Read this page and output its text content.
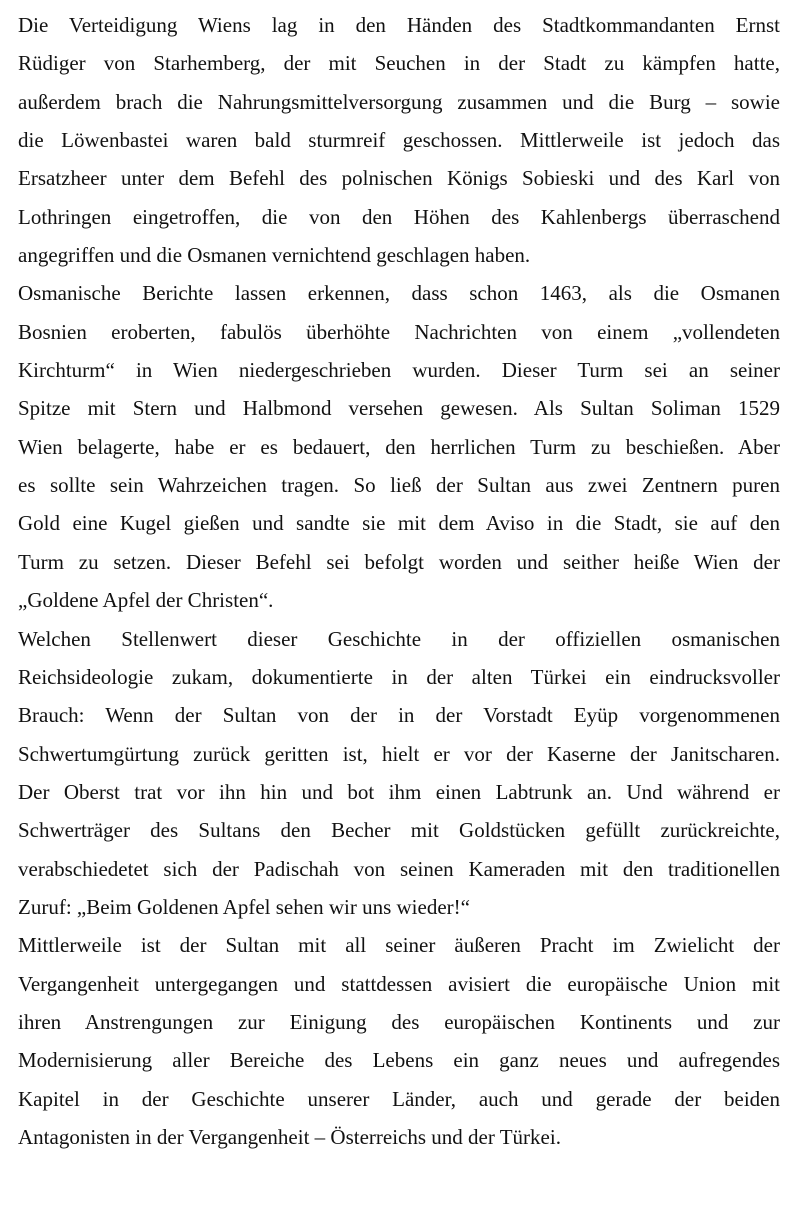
Die Verteidigung Wiens lag in den Händen des Stadtkommandanten Ernst
Rüdiger von Starhemberg, der mit Seuchen in der Stadt zu kämpfen hatte,
außerdem brach die Nahrungsmittelversorgung zusammen und die Burg – sowie
die Löwenbastei waren bald sturmreif geschossen. Mittlerweile ist jedoch das
Ersatzheer unter dem Befehl des polnischen Königs Sobieski und des Karl von
Lothringen eingetroffen, die von den Höhen des Kahlenbergs überraschend
angegriffen und die Osmanen vernichtend geschlagen haben.
Osmanische Berichte lassen erkennen, dass schon 1463, als die Osmanen
Bosnien eroberten, fabulös überhöhte Nachrichten von einem „vollendeten
Kirchturm“ in Wien niedergeschrieben wurden. Dieser Turm sei an seiner
Spitze mit Stern und Halbmond versehen gewesen. Als Sultan Soliman 1529
Wien belagerte, habe er es bedauert, den herrlichen Turm zu beschießen. Aber
es sollte sein Wahrzeichen tragen. So ließ der Sultan aus zwei Zentnern puren
Gold eine Kugel gießen und sandte sie mit dem Aviso in die Stadt, sie auf den
Turm zu setzen. Dieser Befehl sei befolgt worden und seither heiße Wien der
„Goldene Apfel der Christen“.
Welchen Stellenwert dieser Geschichte in der offiziellen osmanischen
Reichsideologie zukam, dokumentierte in der alten Türkei ein eindrucksvoller
Brauch: Wenn der Sultan von der in der Vorstadt Eyüp vorgenommenen
Schwertumgürtung zurück geritten ist, hielt er vor der Kaserne der Janitscharen.
Der Oberst trat vor ihn hin und bot ihm einen Labtrunk an. Und während er
Schwerträger des Sultans den Becher mit Goldstücken gefüllt zurückreichte,
verabschiedetet sich der Padischah von seinen Kameraden mit den traditionellen
Zuruf: „Beim Goldenen Apfel sehen wir uns wieder!“
Mittlerweile ist der Sultan mit all seiner äußeren Pracht im Zwielicht der
Vergangenheit untergegangen und stattdessen avisiert die europäische Union mit
ihren Anstrengungen zur Einigung des europäischen Kontinents und zur
Modernisierung aller Bereiche des Lebens ein ganz neues und aufregendes
Kapitel in der Geschichte unserer Länder, auch und gerade der beiden
Antagonisten in der Vergangenheit – Österreichs und der Türkei.
